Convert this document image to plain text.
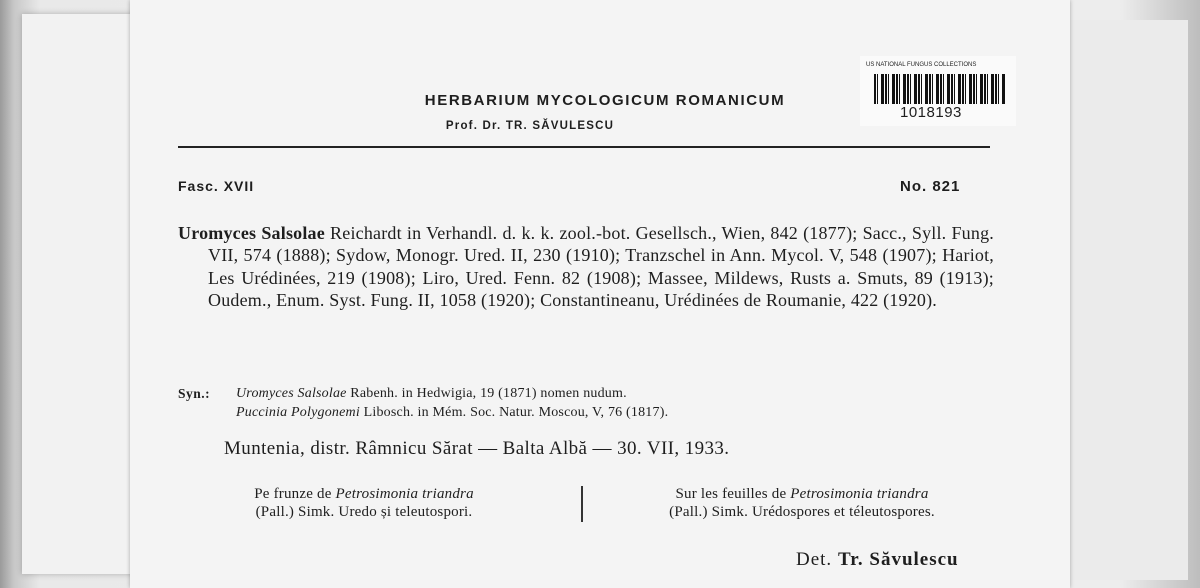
HERBARIUM MYCOLOGICUM ROMANICUM
Prof. Dr. TR. SĂVULESCU
US NATIONAL FUNGUS COLLECTIONS
1018193
Fasc. XVII	No. 821
Uromyces Salsolae Reichardt in Verhandl. d. k. k. zool.-bot. Gesellsch., Wien, 842 (1877); Sacc., Syll. Fung. VII, 574 (1888); Sydow, Monogr. Ured. II, 230 (1910); Tranzschel in Ann. Mycol. V, 548 (1907); Hariot, Les Urédinées, 219 (1908); Liro, Ured. Fenn. 82 (1908); Massee, Mildews, Rusts a. Smuts, 89 (1913); Oudem., Enum. Syst. Fung. II, 1058 (1920); Constantineanu, Urédinées de Roumanie, 422 (1920).
Syn.: Uromyces Salsolae Rabenh. in Hedwigia, 19 (1871) nomen nudum.
Puccinia Polygonemi Libosch. in Mém. Soc. Natur. Moscou, V, 76 (1817).
Muntenia, distr. Râmnicu Sărat — Balta Albă — 30. VII, 1933.
Pe frunze de Petrosimonia triandra
(Pall.) Simk. Uredo și teleutospori.
Sur les feuilles de Petrosimonia triandra
(Pall.) Simk. Urédospores et téleutospores.
Det. Tr. Săvulescu
